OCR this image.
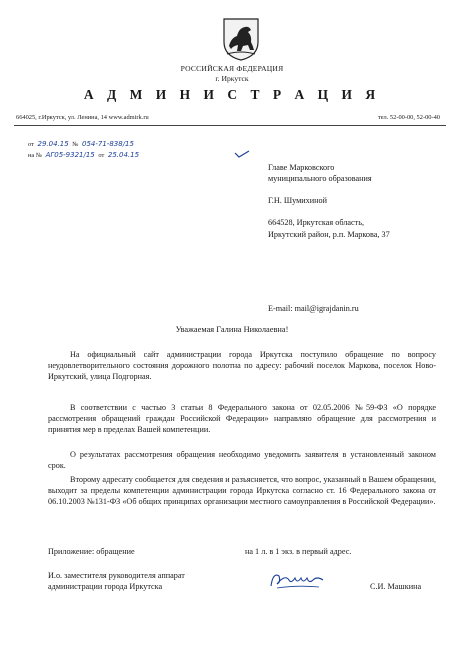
РОССИЙСКАЯ ФЕДЕРАЦИЯ
г. Иркутск
А Д М И Н И С Т Р А Ц И Я
664025, г.Иркутск, ул. Ленина, 14 www.admirk.ru	тел. 52-00-00, 52-00-40
от 29.04.15 № 054-71-838/15
на № АГ05-9321/15 от 25.04.15
Главе Марковского
муниципального образования
Г.Н. Шумихиной
664528, Иркутская область,
Иркутский район, р.п. Маркова, 37
E-mail: mail@igrajdanin.ru
Уважаемая Галина Николаевна!
На официальный сайт администрации города Иркутска поступило обращение по вопросу неудовлетворительного состояния дорожного полотна по адресу: рабочий поселок Маркова, поселок Ново-Иркутский, улица Подгорная.
В соответствии с частью 3 статьи 8 Федерального закона от 02.05.2006 №59-ФЗ «О порядке рассмотрения обращений граждан Российской Федерации» направляю обращение для рассмотрения и принятия мер в пределах Вашей компетенции.
О результатах рассмотрения обращения необходимо уведомить заявителя в установленный законом срок.
Второму адресату сообщается для сведения и разъясняется, что вопрос, указанный в Вашем обращении, выходит за пределы компетенции администрации города Иркутска согласно ст. 16 Федерального закона от 06.10.2003 №131-ФЗ «Об общих принципах организации местного самоуправления в Российской Федерации».
Приложение: обращение	на 1 л. в 1 экз. в первый адрес.
И.о. заместителя руководителя аппарат
администрации города Иркутска	С.И. Машкина
